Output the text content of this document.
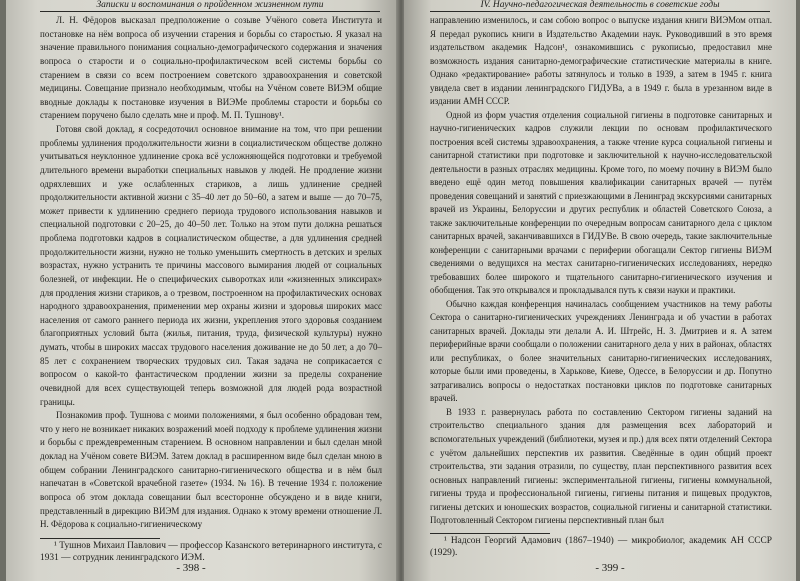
Записки и воспоминания о пройденном жизненном пути

Л. Н. Фёдоров высказал предположение о созыве Учёного совета Института и постановке на нём вопроса об изучении старения и борьбы со старостью. Я указал на значение правильного понимания социально-демографического содержания и значения вопроса о старости и о социально-профилактическом всей системы борьбы со старением в связи со всем построением советского здравоохранения и советской медицины. Совещание признало необходимым, чтобы на Учёном совете ВИЭМ общие вводные доклады к постановке изучения в ВИЭМе проблемы старости и борьбы со старением поручено было сделать мне и проф. М. П. Тушнову¹.

Готовя свой доклад, я сосредоточил основное внимание на том, что при решении проблемы удлинения продолжительности жизни в социалистическом обществе должно учитываться неуклонное удлинение срока всё усложняющейся подготовки и требуемой длительного времени выработки специальных навыков у людей. Не продление жизни одряхлевших и уже ослабленных стариков, а лишь удлинение средней продолжительности активной жизни с 35–40 лет до 50–60, а затем и выше — до 70–75, может привести к удлинению среднего периода трудового использования навыков и специальной подготовки с 20–25, до 40–50 лет. Только на этом пути должна решаться проблема подготовки кадров в социалистическом обществе, а для удлинения средней продолжительности жизни, нужно не только уменьшить смертность в детских и зрелых возрастах, нужно устранить те причины массового вымирания людей от социальных болезней, от инфекции. Не о специфических сыворотках или «жизненных эликсирах» для продления жизни стариков, а о трезвом, построенном на профилактических основах народного здравоохранения, применении мер охраны жизни и здоровья широких масс населения от самого раннего периода их жизни, укрепления этого здоровья созданием благоприятных условий быта (жилья, питания, труда, физической культуры) нужно думать, чтобы в широких массах трудового населения доживание не до 50 лет, а до 70–85 лет с сохранением творческих трудовых сил. Такая задача не соприкасается с вопросом о какой-то фантастическом продлении жизни за пределы сохранение очевидной для всех существующей теперь возможной для людей рода возрастной границы.

Познакомив проф. Тушнова с моими положениями, я был особенно обрадован тем, что у него не возникает никаких возражений моей подходу к проблеме удлинения жизни и борьбы с преждевременным старением. В основном направлении и был сделан мной доклад на Учёном совете ВИЭМ. Затем доклад в расширенном виде был сделан мною в общем собрании Ленинградского санитарно-гигиенического общества и в нём был напечатан в «Советской врачебной газете» (1934. № 16). В течение 1934 г. положение вопроса об этом доклада совещании был всесторонне обсуждено и в виде книги, представленный в дирекцию ВИЭМ для издания. Однако к этому времени отношение Л. Н. Фёдорова к социально-гигиеническому

¹ Тушнов Михаил Павлович — профессор Казанского ветеринарного института, с 1931 — сотрудник ленинградского ИЭМ.

- 398 -
IV. Научно-педагогическая деятельность в советские годы

направлению изменилось, и сам собою вопрос о выпуске издания книги ВИЭМом отпал. Я передал рукопись книги в Издательство Академии наук. Руководивший в это время издательством академик Надсон¹, ознакомившись с рукописью, предоставил мне возможность издания санитарно-демографические статистические материалы в книге. Однако «редактирование» работы затянулось и только в 1939, а затем в 1945 г. книга увидела свет в издании ленинградского ГИДУВа, а в 1949 г. была в урезанном виде в издании АМН СССР.

Одной из форм участия отделения социальной гигиены в подготовке санитарных и научно-гигиенических кадров служили лекции по основам профилактического построения всей системы здравоохранения, а также чтение курса социальной гигиены и санитарной статистики при подготовке и заключительной к научно-исследовательской деятельности в разных отраслях медицины. Кроме того, по моему почину в ВИЭМ было введено ещё один метод повышения квалификации санитарных врачей — путём проведения совещаний и занятий с приезжающими в Ленинград экскурсиями санитарных врачей из Украины, Белоруссии и других республик и областей Советского Союза, а также заключительные конференции по очередным вопросам санитарного дела с циклом санитарных врачей, заканчивавшихся в ГИДУВе. В свою очередь, такие заключительные конференции с санитарными врачами с периферии обогащали Сектор гигиены ВИЭМ сведениями о ведущихся на местах санитарно-гигиенических исследованиях, нередко требовавших более широкого и тщательного санитарно-гигиенического изучения и обобщения. Так это открывался и прокладывался путь к связи науки и практики.

Обычно каждая конференция начиналась сообщением участников на тему работы Сектора о санитарно-гигиенических учреждениях Ленинграда и об участии в работах санитарных врачей. Доклады эти делали А. И. Штрейс, Н. З. Дмитриев и я. А затем периферийные врачи сообщали о положении санитарного дела у них в районах, областях или республиках, о более значительных санитарно-гигиенических исследованиях, которые были ими проведены, в Харькове, Киеве, Одессе, в Белоруссии и др. Попутно затрагивались вопросы о недостатках постановки циклов по подготовке санитарных врачей.

В 1933 г. развернулась работа по составлению Сектором гигиены заданий на строительство специального здания для размещения всех лабораторий и вспомогательных учреждений (библиотеки, музея и пр.) для всех пяти отделений Сектора с учётом дальнейших перспектив их развития. Сведённые в один общий проект строительства, эти задания отразили, по существу, план перспективного развития всех основных направлений гигиены: экспериментальной гигиены, гигиены коммунальной, гигиены труда и профессиональной гигиены, гигиены питания и пищевых продуктов, гигиены детских и юношеских возрастов, социальной гигиены и санитарной статистики. Подготовленный Сектором гигиены перспективный план был

¹ Надсон Георгий Адамович (1867–1940) — микробиолог, академик АН СССР (1929).

- 399 -
